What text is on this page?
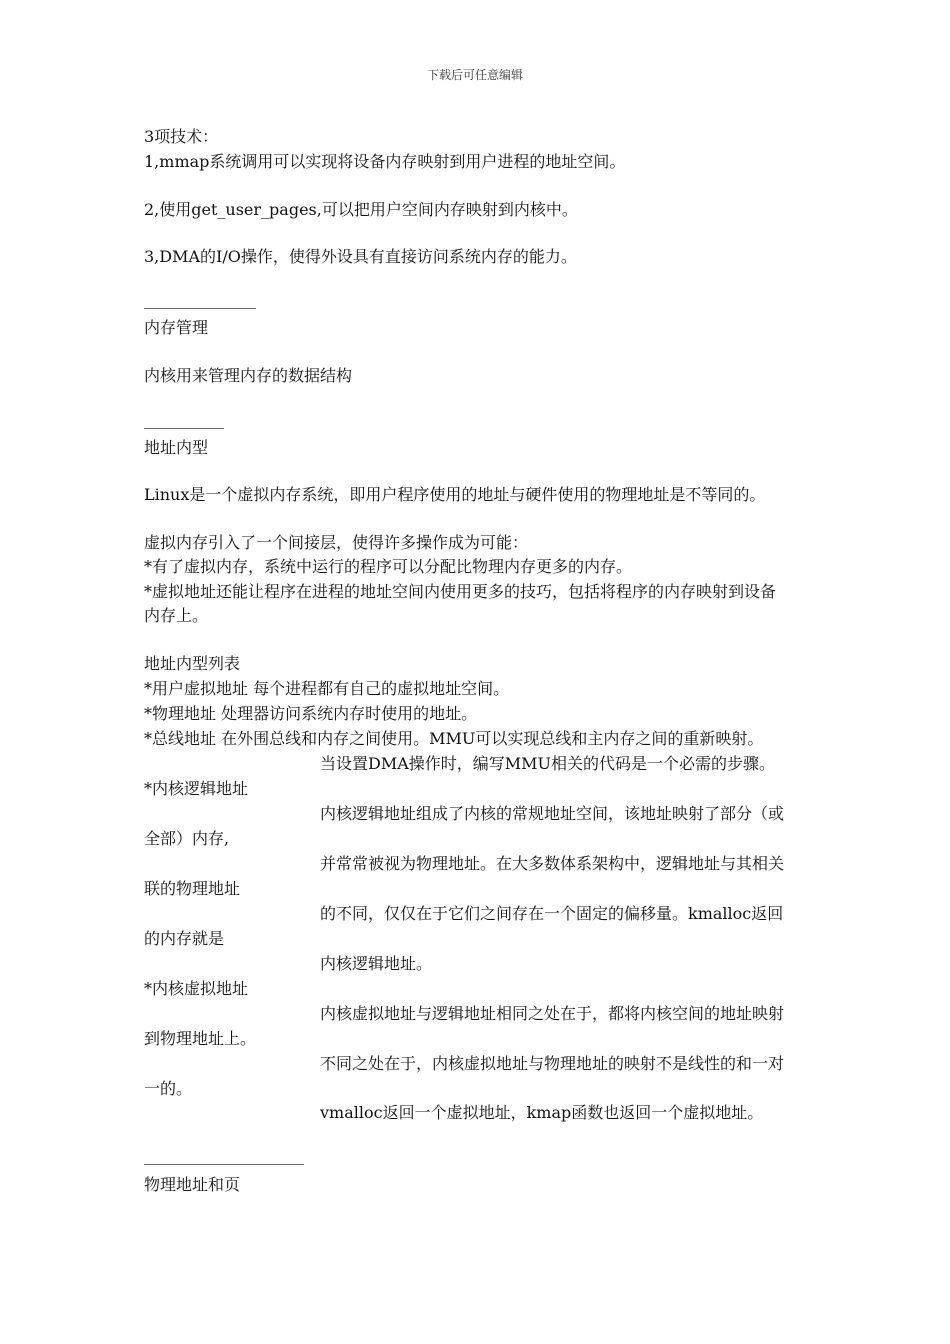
下载后可任意编辑
3项技术：
1,mmap系统调用可以实现将设备内存映射到用户进程的地址空间。
2,使用get_user_pages,可以把用户空间内存映射到内核中。
3,DMA的I/O操作，使得外设具有直接访问系统内存的能力。
______________
内存管理
内核用来管理内存的数据结构
__________
地址内型
Linux是一个虚拟内存系统，即用户程序使用的地址与硬件使用的物理地址是不等同的。
虚拟内存引入了一个间接层，使得许多操作成为可能：
*有了虚拟内存，系统中运行的程序可以分配比物理内存更多的内存。
*虚拟地址还能让程序在进程的地址空间内使用更多的技巧，包括将程序的内存映射到设备
内存上。
地址内型列表
*用户虚拟地址 每个进程都有自己的虚拟地址空间。
*物理地址 处理器访问系统内存时使用的地址。
*总线地址 在外围总线和内存之间使用。MMU可以实现总线和主内存之间的重新映射。
当设置DMA操作时，编写MMU相关的代码是一个必需的步骤。
*内核逻辑地址
内核逻辑地址组成了内核的常规地址空间，该地址映射了部分（或
全部）内存,
并常常被视为物理地址。在大多数体系架构中，逻辑地址与其相关
联的物理地址
的不同，仅仅在于它们之间存在一个固定的偏移量。kmalloc返回
的内存就是
内核逻辑地址。
*内核虚拟地址
内核虚拟地址与逻辑地址相同之处在于，都将内核空间的地址映射
到物理地址上。
不同之处在于，内核虚拟地址与物理地址的映射不是线性的和一对
一的。
vmalloc返回一个虚拟地址，kmap函数也返回一个虚拟地址。
____________________
物理地址和页
